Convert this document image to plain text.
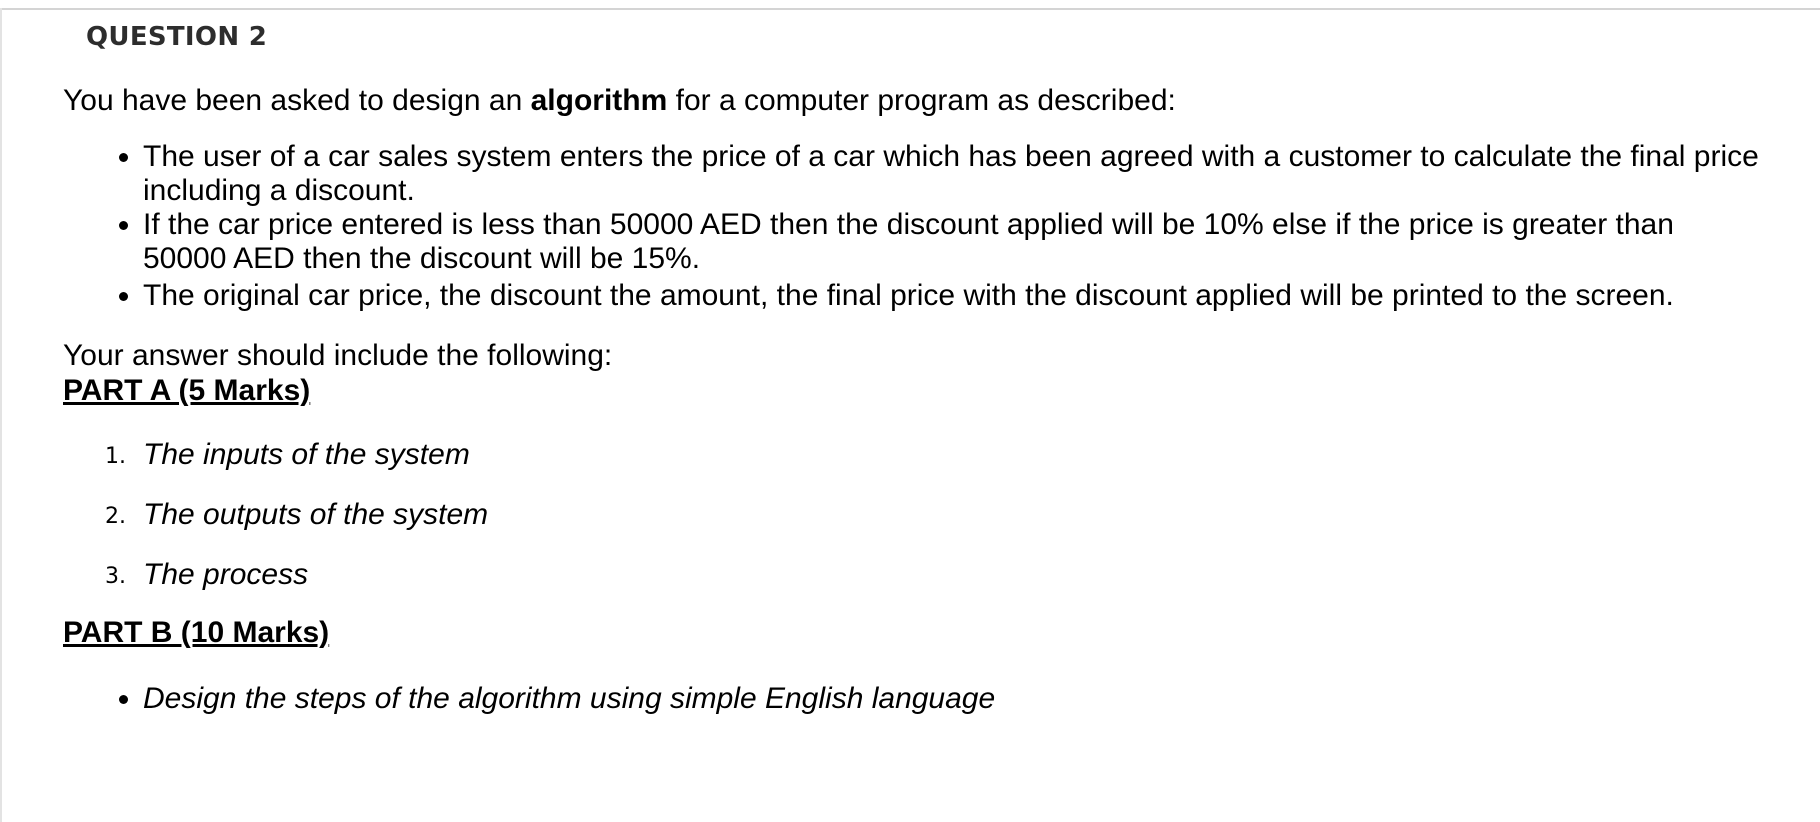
QUESTION 2

You have been asked to design an algorithm for a computer program as described:

• The user of a car sales system enters the price of a car which has been agreed with a customer to calculate the final price including a discount.
• If the car price entered is less than 50000 AED then the discount applied will be 10% else if the price is greater than 50000 AED then the discount will be 15%.
• The original car price, the discount the amount, the final price with the discount applied will be printed to the screen.

Your answer should include the following:

PART A (5 Marks)

1. The inputs of the system
2. The outputs of the system
3. The process

PART B (10 Marks)

• Design the steps of the algorithm using simple English language
